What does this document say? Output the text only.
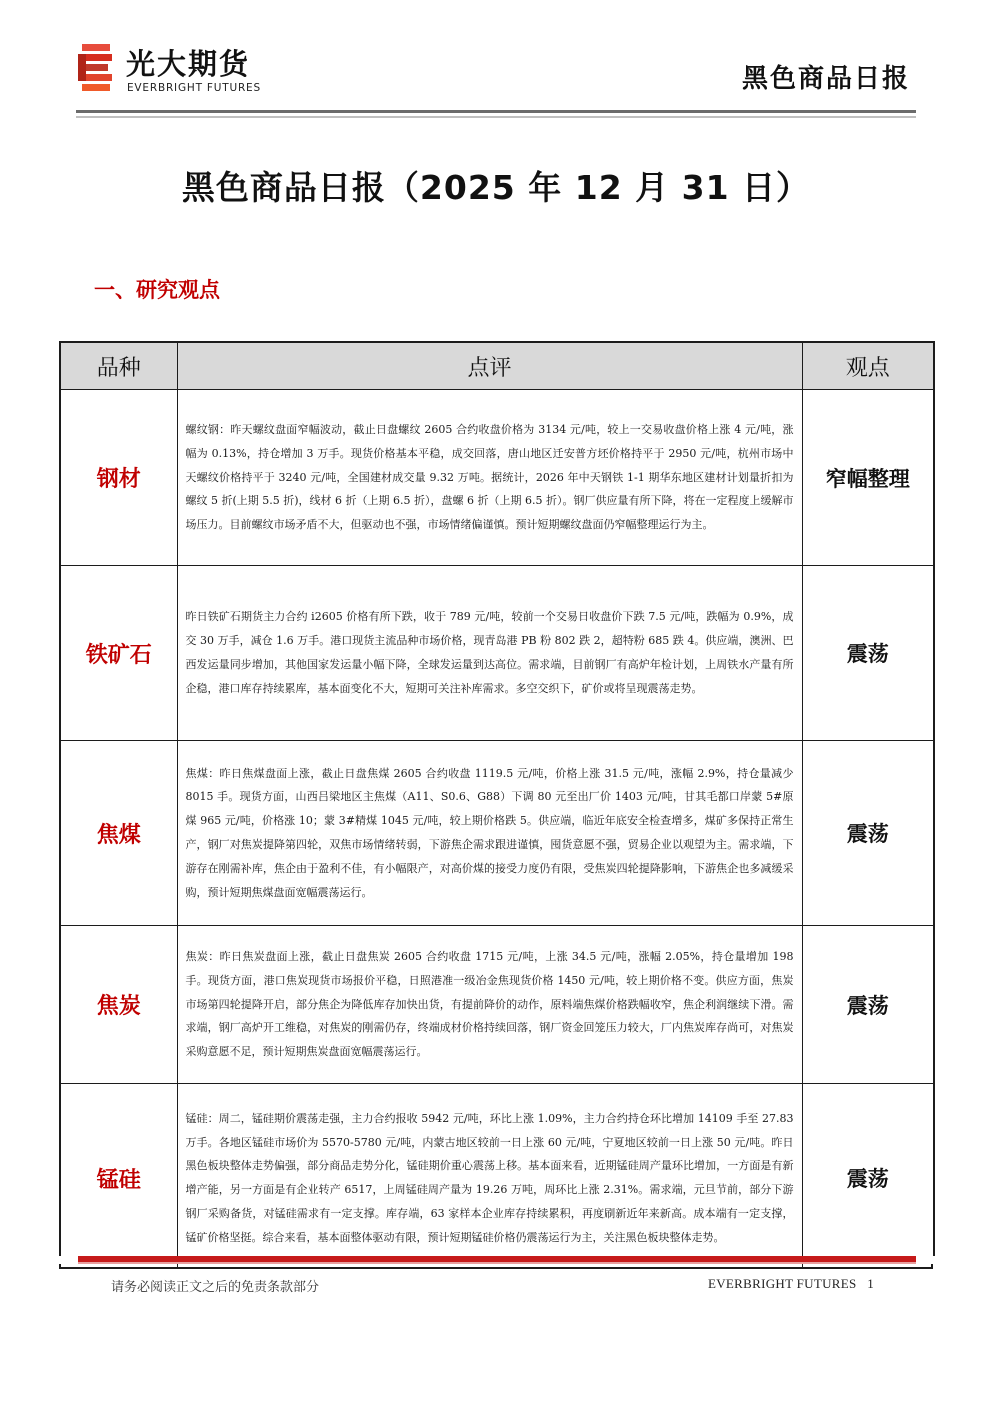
光大期货
EVERBRIGHT FUTURES	黑色商品日报
黑色商品日报（2025 年 12 月 31 日）
一、研究观点
品种	点评	观点
钢材	螺纹钢：昨天螺纹盘面窄幅波动，截止日盘螺纹 2605 合约收盘价格为 3134 元/吨，较上一交易收盘价格上涨 4 元/吨，涨幅为 0.13%，持仓增加 3 万手。现货价格基本平稳，成交回落，唐山地区迁安普方坯价格持平于 2950 元/吨，杭州市场中天螺纹价格持平于 3240 元/吨，全国建材成交量 9.32 万吨。据统计，2026 年中天钢铁 1-1 期华东地区建材计划量折扣为螺纹 5 折(上期 5.5 折)，线材 6 折（上期 6.5 折），盘螺 6 折（上期 6.5 折）。钢厂供应量有所下降，将在一定程度上缓解市场压力。目前螺纹市场矛盾不大，但驱动也不强，市场情绪偏谨慎。预计短期螺纹盘面仍窄幅整理运行为主。	窄幅整理
铁矿石	昨日铁矿石期货主力合约 i2605 价格有所下跌，收于 789 元/吨，较前一个交易日收盘价下跌 7.5 元/吨，跌幅为 0.9%，成交 30 万手，减仓 1.6 万手。港口现货主流品种市场价格，现青岛港 PB 粉 802 跌 2，超特粉 685 跌 4。供应端，澳洲、巴西发运量同步增加，其他国家发运量小幅下降，全球发运量到达高位。需求端，目前钢厂有高炉年检计划，上周铁水产量有所企稳，港口库存持续累库，基本面变化不大，短期可关注补库需求。多空交织下，矿价或将呈现震荡走势。	震荡
焦煤	焦煤：昨日焦煤盘面上涨，截止日盘焦煤 2605 合约收盘 1119.5 元/吨，价格上涨 31.5 元/吨，涨幅 2.9%，持仓量减少 8015 手。现货方面，山西吕梁地区主焦煤（A11、S0.6、G88）下调 80 元至出厂价 1403 元/吨，甘其毛都口岸蒙 5#原煤 965 元/吨，价格涨 10；蒙 3#精煤 1045 元/吨，较上期价格跌 5。供应端，临近年底安全检查增多，煤矿多保持正常生产，钢厂对焦炭提降第四轮，双焦市场情绪转弱，下游焦企需求跟进谨慎，囤货意愿不强，贸易企业以观望为主。需求端，下游存在刚需补库，焦企由于盈利不佳，有小幅限产，对高价煤的接受力度仍有限，受焦炭四轮提降影响，下游焦企也多减缓采购，预计短期焦煤盘面宽幅震荡运行。	震荡
焦炭	焦炭：昨日焦炭盘面上涨，截止日盘焦炭 2605 合约收盘 1715 元/吨，上涨 34.5 元/吨，涨幅 2.05%，持仓量增加 198 手。现货方面，港口焦炭现货市场报价平稳，日照港准一级冶金焦现货价格 1450 元/吨，较上期价格不变。供应方面，焦炭市场第四轮提降开启，部分焦企为降低库存加快出货，有提前降价的动作，原料端焦煤价格跌幅收窄，焦企利润继续下滑。需求端，钢厂高炉开工维稳，对焦炭的刚需仍存，终端成材价格持续回落，钢厂资金回笼压力较大，厂内焦炭库存尚可，对焦炭采购意愿不足，预计短期焦炭盘面宽幅震荡运行。	震荡
锰硅	锰硅：周二，锰硅期价震荡走强，主力合约报收 5942 元/吨，环比上涨 1.09%，主力合约持仓环比增加 14109 手至 27.83 万手。各地区锰硅市场价为 5570-5780 元/吨，内蒙古地区较前一日上涨 60 元/吨，宁夏地区较前一日上涨 50 元/吨。昨日黑色板块整体走势偏强，部分商品走势分化，锰硅期价重心震荡上移。基本面来看，近期锰硅周产量环比增加，一方面是有新增产能，另一方面是有企业转产 6517，上周锰硅周产量为 19.26 万吨，周环比上涨 2.31%。需求端，元旦节前，部分下游钢厂采购备货，对锰硅需求有一定支撑。库存端，63 家样本企业库存持续累积，再度刷新近年来新高。成本端有一定支撑，锰矿价格坚挺。综合来看，基本面整体驱动有限，预计短期锰硅价格仍震荡运行为主，关注黑色板块整体走势。	震荡
请务必阅读正文之后的免责条款部分	EVERBRIGHT FUTURES 1
